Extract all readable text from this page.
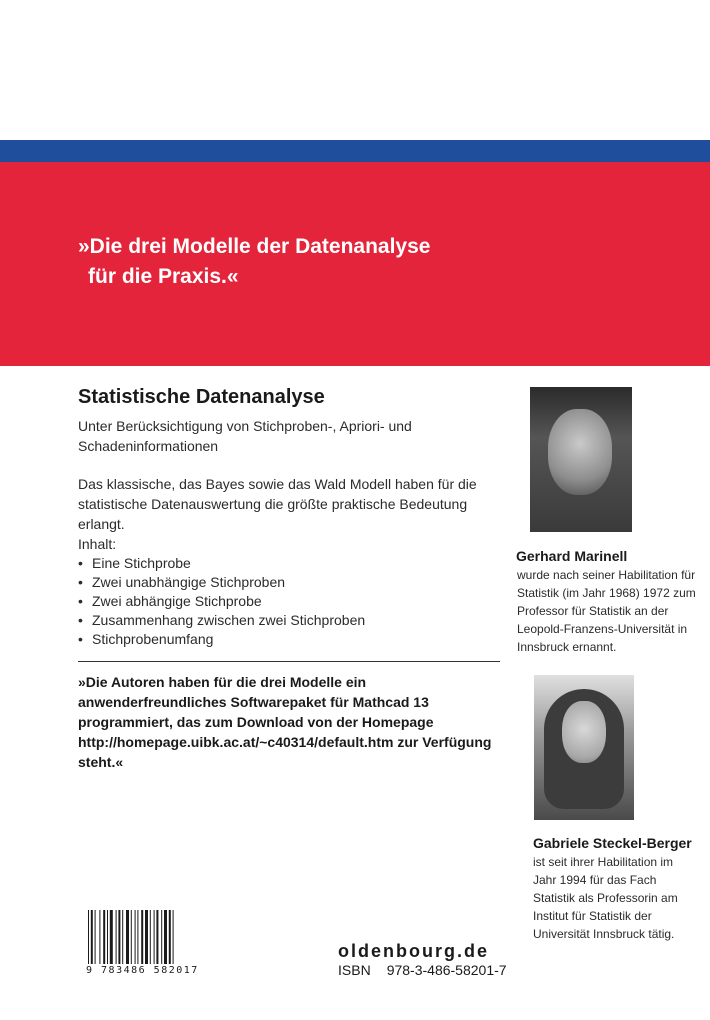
»Die drei Modelle der Datenanalyse
für die Praxis.«
Statistische Datenanalyse
Unter Berücksichtigung von Stichproben-, Apriori- und Schadeninformationen
Das klassische, das Bayes sowie das Wald Modell haben für die statistische Datenauswertung die größte praktische Bedeutung erlangt.
Inhalt:
• Eine Stichprobe
• Zwei unabhängige Stichproben
• Zwei abhängige Stichprobe
• Zusammenhang zwischen zwei Stichproben
• Stichprobenumfang
»Die Autoren haben für die drei Modelle ein anwenderfreundliches Softwarepaket für Mathcad 13 programmiert, das zum Download von der Homepage http://homepage.uibk.ac.at/~c40314/default.htm zur Verfügung steht.«
Gerhard Marinell
wurde nach seiner Habilitation für Statistik (im Jahr 1968) 1972 zum Professor für Statistik an der Leopold-Franzens-Universität in Innsbruck ernannt.
Gabriele Steckel-Berger
ist seit ihrer Habilitation im Jahr 1994 für das Fach Statistik als Professorin am Institut für Statistik der Universität Innsbruck tätig.
9 783486 582017
oldenbourg.de
ISBN 978-3-486-58201-7
